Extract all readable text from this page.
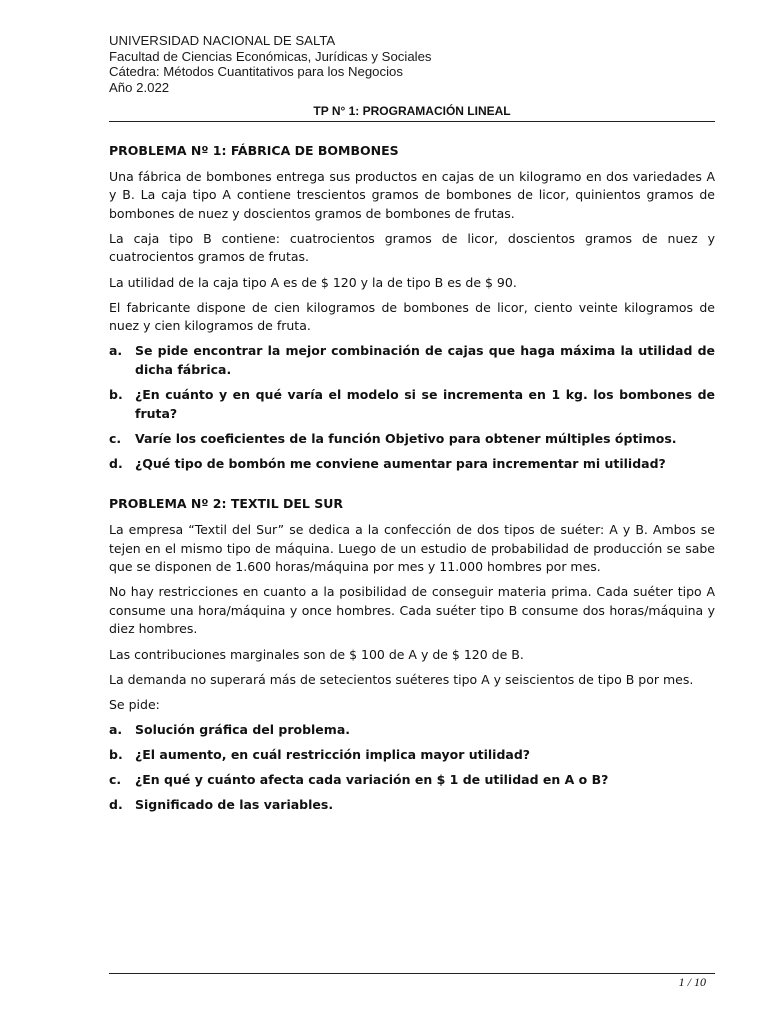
UNIVERSIDAD NACIONAL DE SALTA
Facultad de Ciencias Económicas, Jurídicas y Sociales
Cátedra: Métodos Cuantitativos para los Negocios
Año 2.022
TP N° 1: PROGRAMACIÓN LINEAL
PROBLEMA Nº 1: FÁBRICA DE BOMBONES

Una fábrica de bombones entrega sus productos en cajas de un kilogramo en dos variedades A y B. La caja tipo A contiene trescientos gramos de bombones de licor, quinientos gramos de bombones de nuez y doscientos gramos de bombones de frutas.

La caja tipo B contiene: cuatrocientos gramos de licor, doscientos gramos de nuez y cuatrocientos gramos de frutas.

La utilidad de la caja tipo A es de $ 120 y la de tipo B es de $ 90.

El fabricante dispone de cien kilogramos de bombones de licor, ciento veinte kilogramos de nuez y cien kilogramos de fruta.

a. Se pide encontrar la mejor combinación de cajas que haga máxima la utilidad de dicha fábrica.
b. ¿En cuánto y en qué varía el modelo si se incrementa en 1 kg. los bombones de fruta?
c. Varíe los coeficientes de la función Objetivo para obtener múltiples óptimos.
d. ¿Qué tipo de bombón me conviene aumentar para incrementar mi utilidad?
PROBLEMA Nº 2: TEXTIL DEL SUR

La empresa “Textil del Sur” se dedica a la confección de dos tipos de suéter: A y B. Ambos se tejen en el mismo tipo de máquina. Luego de un estudio de probabilidad de producción se sabe que se disponen de 1.600 horas/máquina por mes y 11.000 hombres por mes.

No hay restricciones en cuanto a la posibilidad de conseguir materia prima. Cada suéter tipo A consume una hora/máquina y once hombres. Cada suéter tipo B consume dos horas/máquina y diez hombres.

Las contribuciones marginales son de $ 100 de A y de $ 120 de B.

La demanda no superará más de setecientos suéteres tipo A y seiscientos de tipo B por mes.

Se pide:

a. Solución gráfica del problema.
b. ¿El aumento, en cuál restricción implica mayor utilidad?
c. ¿En qué y cuánto afecta cada variación en $ 1 de utilidad en A o B?
d. Significado de las variables.
1 / 10
